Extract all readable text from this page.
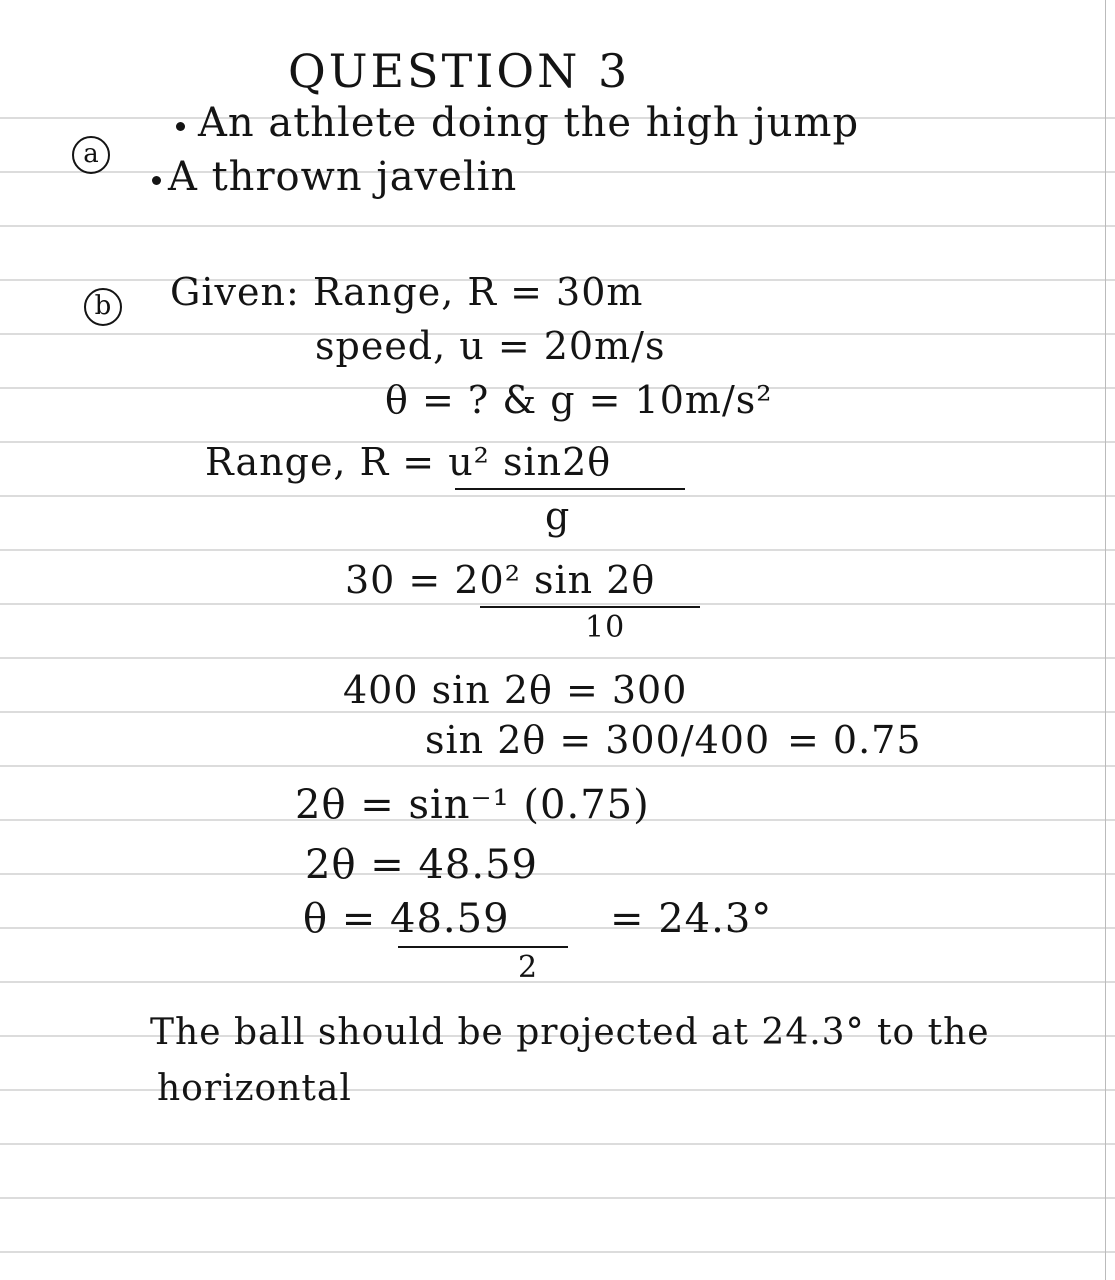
QUESTION 3
a
An athlete doing the high jump
A thrown javelin
b Given: Range, R = 30m
speed, u = 20m/s
θ = ? & g = 10m/s²
Range, R = u² sin2θ
g
30 = 20² sin 2θ
10
400 sin 2θ = 300
sin 2θ = 300/400 = 0.75
2θ = sin⁻¹ (0.75)
2θ = 48.59
θ = 48.59	= 24.3°
2
The ball should be projected at 24.3° to the
horizontal
